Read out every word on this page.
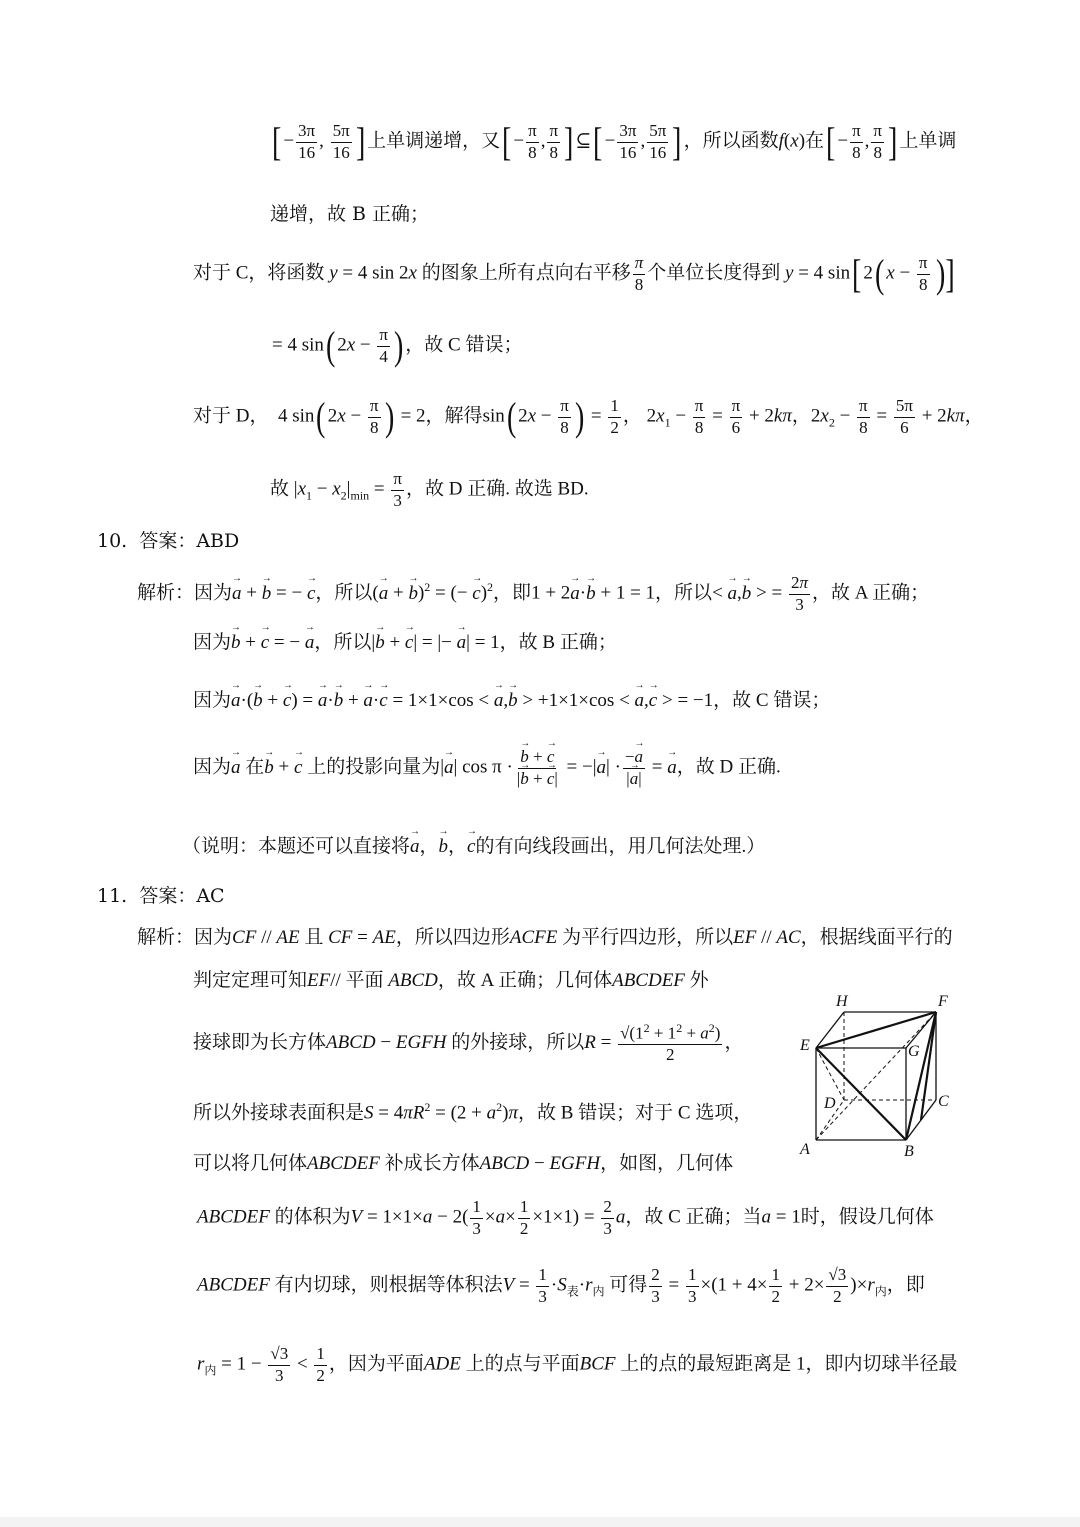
[ − $\frac{3\pi}{16}$ , $\frac{5\pi}{16}$ ] 上单调递增，又[ − $\frac{\pi}{8}$ , $\frac{\pi}{8}$ ] ⊆[ − $\frac{3\pi}{16}$ , $\frac{5\pi}{16}$ ] ，所以函数f(x)在[ − $\frac{\pi}{8}$ , $\frac{\pi}{8}$ ] 上单调
递增，故 B 正确；
对于 C，将函数 y = 4 sin 2x 的图象上所有点向右平移 $\frac{\pi}{8}$ 个单位长度得到 y = 4 sin[ 2( $x - \frac{\pi}{8}$ )]
= 4 sin( $2x - \frac{\pi}{4}$ ) ，故 C 错误；
对于 D，  4 sin( $2x - \frac{\pi}{8}$ ) = 2，解得sin( $2x - \frac{\pi}{8}$ ) = $\frac{1}{2}$ ， $2x_1 - \frac{\pi}{8} = \frac{\pi}{6} + 2k\pi$，$2x_2 - \frac{\pi}{8} = \frac{5\pi}{6} + 2k\pi$，
故 $|x_1 - x_2|_{min} = \frac{\pi}{3}$ ，故 D 正确. 故选 BD.
10. 答案：ABD
解析：因为→ a + → b = − → c，所以(→ a + → b)$^2$ = (− → c)$^2$，即1 + 2→ a·→ b + 1 = 1，所以< → a,→ b > = $\frac{2\pi}{3}$ ，故 A 正确；
因为→ b + → c = − → a，所以|→ b + → c| = |− → a| = 1，故 B 正确；
因为→ a·(→ b + → c) = → a·→ b + → a·→ c = 1×1×cos < → a,→ b > +1×1×cos < → a,→ c > = −1，故 C 错误；
因为→ a 在→ b + → c 上的投影向量为|→ a| cos π ·
→ $\frac{b + \to c}{|\to b + \to c|}$ = −|→ $a| \cdot \frac{-\to a}{|\to a|}$ = → a，故 D 正确.
（说明：本题还可以直接将→ a，→ b，→ c的有向线段画出，用几何法处理.）
11. 答案：AC
解析：因为CF // AE 且 CF = AE，所以四边形ACFE 为平行四边形，所以EF // AC，根据线面平行的
判定定理可知EF// 平面 ABCD，故 A 正确；几何体ABCDEF 外
接球即为长方体ABCD − EGFH 的外接球，所以$R = \frac{√(1^2 + 1^2 + a^2)}{2}$ ，
所以外接球表面积是$S = 4\pi R^2 = (2 + a^2)\pi$，故 B 错误；对于 C 选项，
可以将几何体ABCDEF 补成长方体ABCD − EGFH，如图，几何体
ABCDEF 的体积为$V = 1\times 1\times a - 2( \frac{1}{3} \times a\times \frac{1}{2} \times 1\times 1) = \frac{2}{3}$ a，故 C 正确；当a = 1时，假设几何体
ABCDEF 有内切球，则根据等体积法$V = \frac{1}{3} \cdot S_表\cdot r_内$ 可得 $\frac{2}{3} = \frac{1}{3} \times(1 + 4\times \frac{1}{2} + 2\times \frac{√3}{2} )\times r_内$，即
$r_内 = 1 - \frac{√3}{3} < \frac{1}{2}$ ，因为平面ADE 上的点与平面BCF 上的点的最短距离是 1，即内切球半径最
H	F
E	G
D	C
A	B
